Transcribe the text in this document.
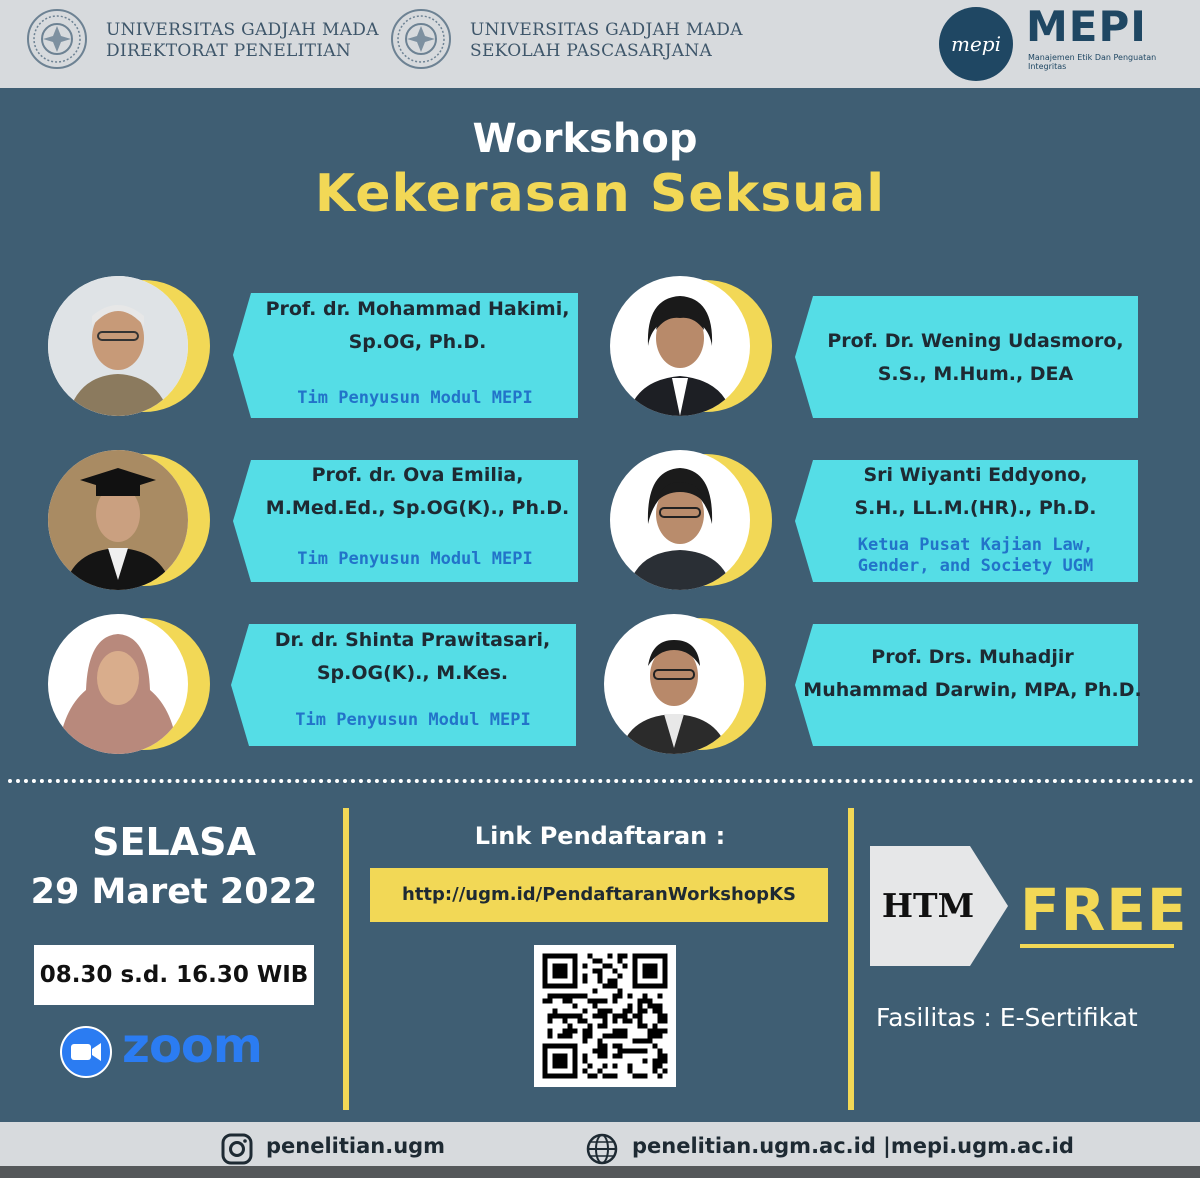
UNIVERSITAS GADJAH MADA
DIREKTORAT PENELITIAN
UNIVERSITAS GADJAH MADA
SEKOLAH PASCASARJANA	mepi MEPI
Manajemen Etik Dan Penguatan Integritas
Workshop
Kekerasan Seksual
Prof. dr. Mohammad Hakimi,
Sp.OG, Ph.D.
Tim Penyusun Modul MEPI
Prof. Dr. Wening Udasmoro,
S.S., M.Hum., DEA
Prof. dr. Ova Emilia,
M.Med.Ed., Sp.OG(K)., Ph.D.
Tim Penyusun Modul MEPI
Sri Wiyanti Eddyono,
S.H., LL.M.(HR)., Ph.D.
Ketua Pusat Kajian Law,
Gender, and Society UGM
Dr. dr. Shinta Prawitasari,
Sp.OG(K)., M.Kes.
Tim Penyusun Modul MEPI
Prof. Drs. Muhadjir
Muhammad Darwin, MPA, Ph.D.
SELASA
29 Maret 2022
08.30 s.d. 16.30 WIB
zoom
Link Pendaftaran :
http://ugm.id/PendaftaranWorkshopKS	HTM FREE
Fasilitas : E-Sertifikat
penelitian.ugm	penelitian.ugm.ac.id |mepi.ugm.ac.id
